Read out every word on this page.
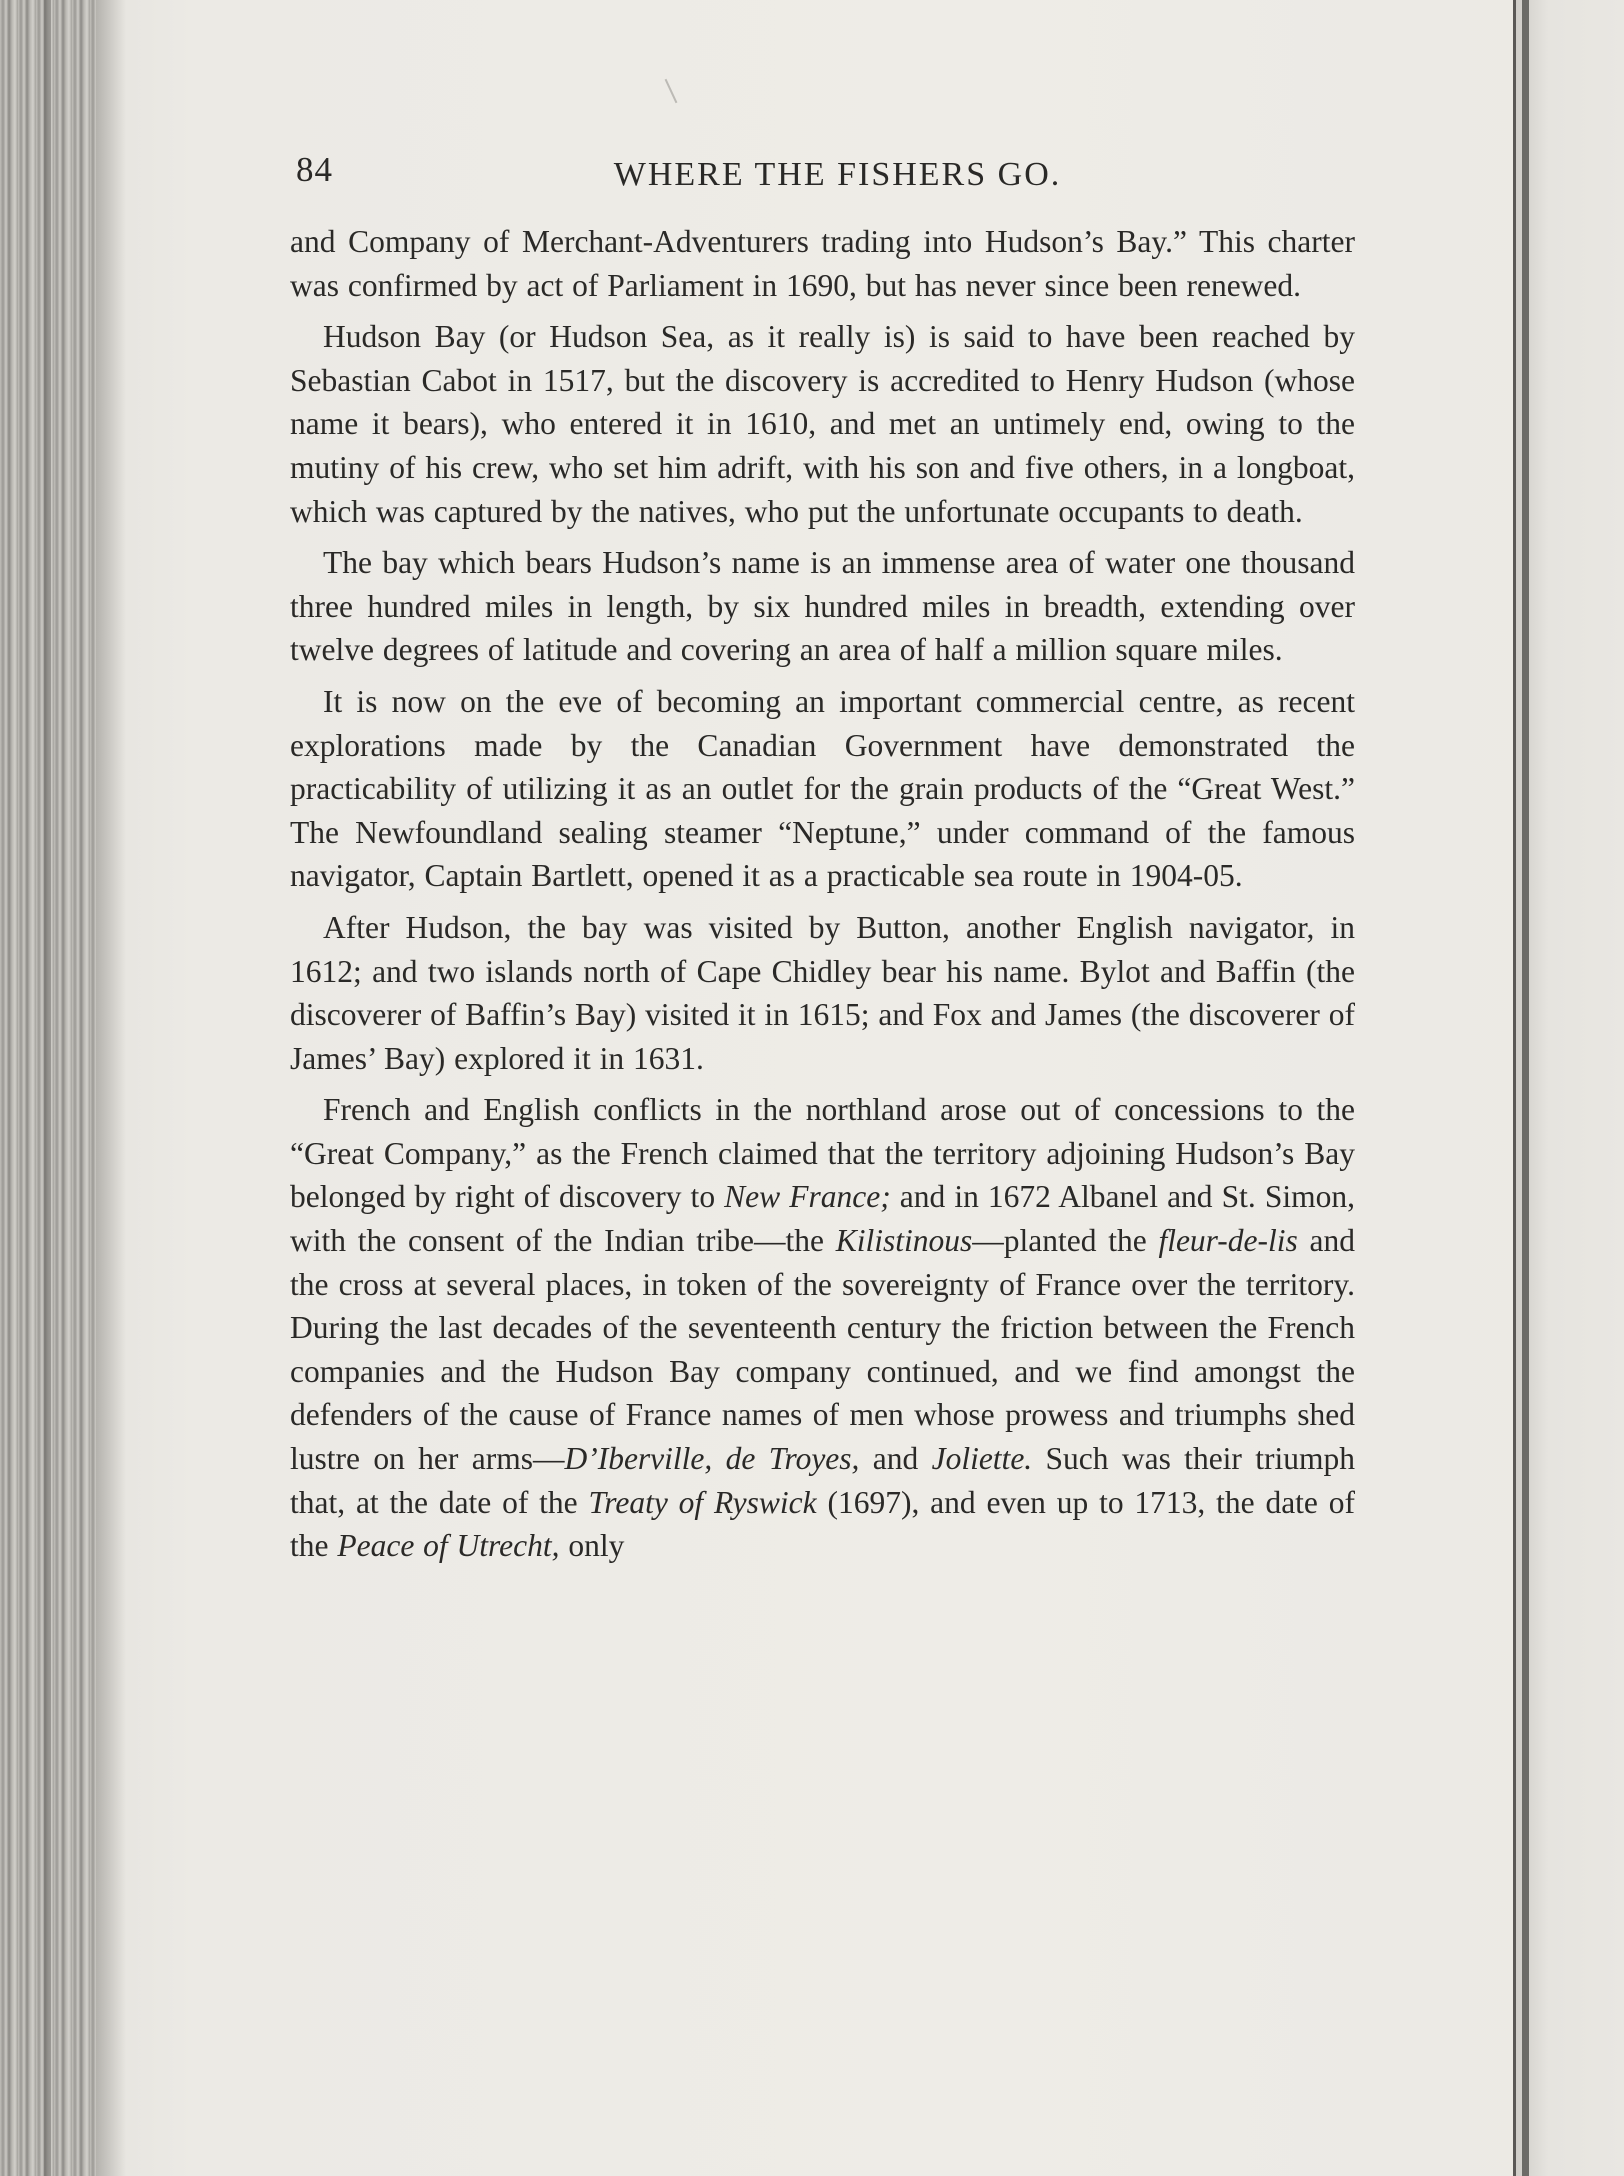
84	WHERE THE FISHERS GO.

and Company of Merchant-Adventurers trading into Hudson’s Bay.” This charter was confirmed by act of Parliament in 1690, but has never since been renewed.

Hudson Bay (or Hudson Sea, as it really is) is said to have been reached by Sebastian Cabot in 1517, but the discovery is accredited to Henry Hudson (whose name it bears), who entered it in 1610, and met an untimely end, owing to the mutiny of his crew, who set him adrift, with his son and five others, in a longboat, which was captured by the natives, who put the unfortunate occupants to death.

The bay which bears Hudson’s name is an immense area of water one thousand three hundred miles in length, by six hundred miles in breadth, extending over twelve degrees of latitude and covering an area of half a million square miles.

It is now on the eve of becoming an important commercial centre, as recent explorations made by the Canadian Government have demonstrated the practicability of utilizing it as an outlet for the grain products of the “Great West.” The Newfoundland sealing steamer “Neptune,” under command of the famous navigator, Captain Bartlett, opened it as a practicable sea route in 1904-05.

After Hudson, the bay was visited by Button, another English navigator, in 1612; and two islands north of Cape Chidley bear his name. Bylot and Baffin (the discoverer of Baffin’s Bay) visited it in 1615; and Fox and James (the discoverer of James’ Bay) explored it in 1631.

French and English conflicts in the northland arose out of concessions to the “Great Company,” as the French claimed that the territory adjoining Hudson’s Bay belonged by right of discovery to New France; and in 1672 Albanel and St. Simon, with the consent of the Indian tribe—the Kilistinous—planted the fleur-de-lis and the cross at several places, in token of the sovereignty of France over the territory. During the last decades of the seventeenth century the friction between the French companies and the Hudson Bay company continued, and we find amongst the defenders of the cause of France names of men whose prowess and triumphs shed lustre on her arms—D’Iberville, de Troyes, and Joliette. Such was their triumph that, at the date of the Treaty of Ryswick (1697), and even up to 1713, the date of the Peace of Utrecht, only
